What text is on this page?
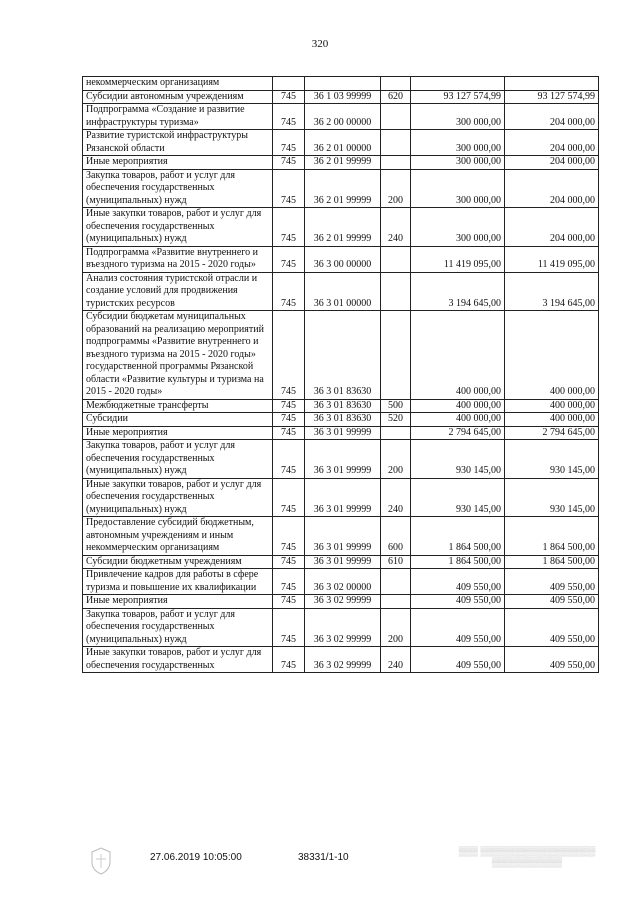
320
некоммерческим организациям					
Субсидии автономным учреждениям	745	36 1 03 99999	620	93 127 574,99	93 127 574,99
Подпрограмма «Создание и развитие инфраструктуры туризма»	745	36 2 00 00000		300 000,00	204 000,00
Развитие туристской инфраструктуры Рязанской области	745	36 2 01 00000		300 000,00	204 000,00
Иные мероприятия	745	36 2 01 99999		300 000,00	204 000,00
Закупка товаров, работ и услуг для обеспечения государственных (муниципальных) нужд	745	36 2 01 99999	200	300 000,00	204 000,00
Иные закупки товаров, работ и услуг для обеспечения государственных (муниципальных) нужд	745	36 2 01 99999	240	300 000,00	204 000,00
Подпрограмма «Развитие внутреннего и въездного туризма на 2015 - 2020 годы»	745	36 3 00 00000		11 419 095,00	11 419 095,00
Анализ состояния туристской отрасли и создание условий для продвижения туристских ресурсов	745	36 3 01 00000		3 194 645,00	3 194 645,00
Субсидии бюджетам муниципальных образований на реализацию мероприятий подпрограммы «Развитие внутреннего и въездного туризма на 2015 - 2020 годы» государственной программы Рязанской области «Развитие культуры и туризма на 2015 - 2020 годы»	745	36 3 01 83630		400 000,00	400 000,00
Межбюджетные трансферты	745	36 3 01 83630	500	400 000,00	400 000,00
Субсидии	745	36 3 01 83630	520	400 000,00	400 000,00
Иные мероприятия	745	36 3 01 99999		2 794 645,00	2 794 645,00
Закупка товаров, работ и услуг для обеспечения государственных (муниципальных) нужд	745	36 3 01 99999	200	930 145,00	930 145,00
Иные закупки товаров, работ и услуг для обеспечения государственных (муниципальных) нужд	745	36 3 01 99999	240	930 145,00	930 145,00
Предоставление субсидий бюджетным, автономным учреждениям и иным некоммерческим организациям	745	36 3 01 99999	600	1 864 500,00	1 864 500,00
Субсидии бюджетным учреждениям	745	36 3 01 99999	610	1 864 500,00	1 864 500,00
Привлечение кадров для работы в сфере туризма и повышение их квалификации	745	36 3 02 00000		409 550,00	409 550,00
Иные мероприятия	745	36 3 02 99999		409 550,00	409 550,00
Закупка товаров, работ и услуг для обеспечения государственных (муниципальных) нужд	745	36 3 02 99999	200	409 550,00	409 550,00
Иные закупки товаров, работ и услуг для обеспечения государственных	745	36 3 02 99999	240	409 550,00	409 550,00
27.06.2019 10:05:00	38331/1-10
▒▒▒ ▒▒▒▒▒▒▒▒▒▒▒▒▒▒▒▒▒▒
▒▒▒▒▒▒▒▒▒▒▒
